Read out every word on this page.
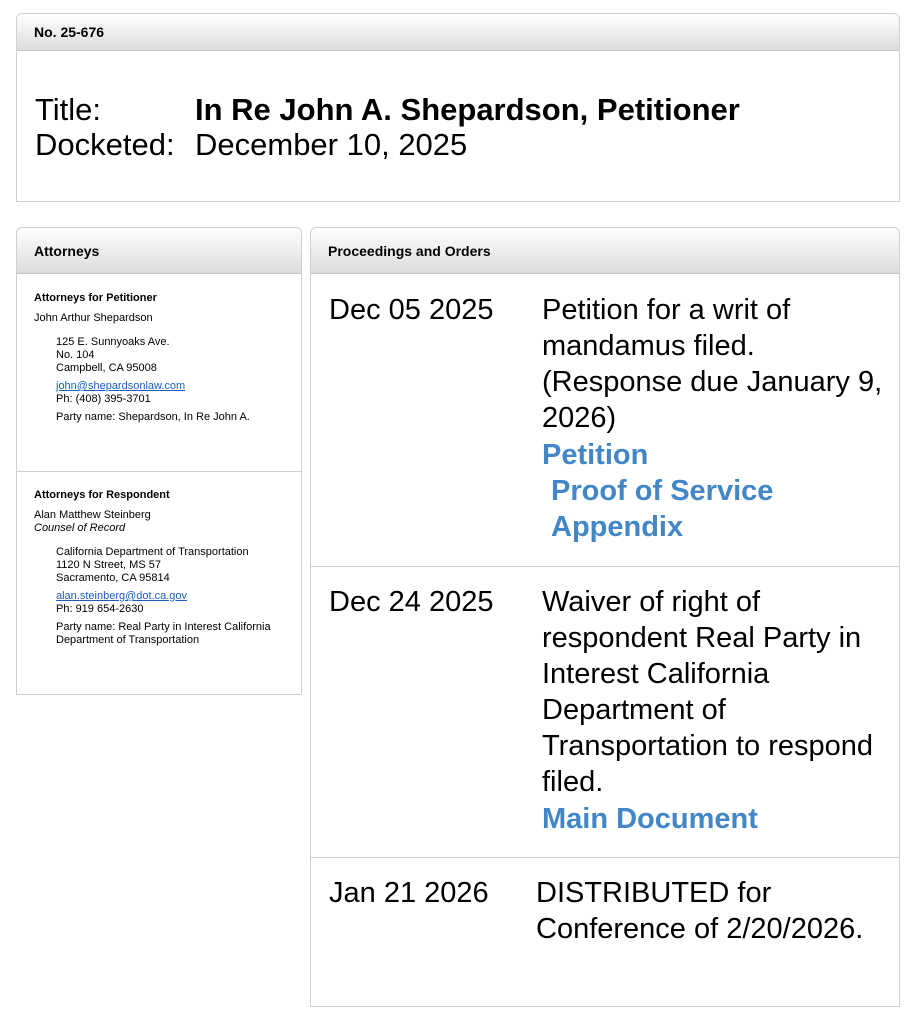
No. 25-676
Title:	In Re John A. Shepardson, Petitioner
Docketed: December 10, 2025
Attorneys
Attorneys for Petitioner
John Arthur Shepardson
125 E. Sunnyoaks Ave.
No. 104
Campbell, CA 95008
john@shepardsonlaw.com
Ph: (408) 395-3701
Party name: Shepardson, In Re John A.
Attorneys for Respondent
Alan Matthew Steinberg
Counsel of Record
California Department of Transportation
1120 N Street, MS 57
Sacramento, CA 95814
alan.steinberg@dot.ca.gov
Ph: 919 654-2630
Party name: Real Party in Interest California Department of Transportation
Proceedings and Orders
Dec 05 2025 Petition for a writ of mandamus filed. (Response due January 9, 2026)
Petition
Proof of Service
Appendix
Dec 24 2025 Waiver of right of respondent Real Party in Interest California Department of Transportation to respond filed.
Main Document
Jan 21 2026 DISTRIBUTED for Conference of 2/20/2026.
